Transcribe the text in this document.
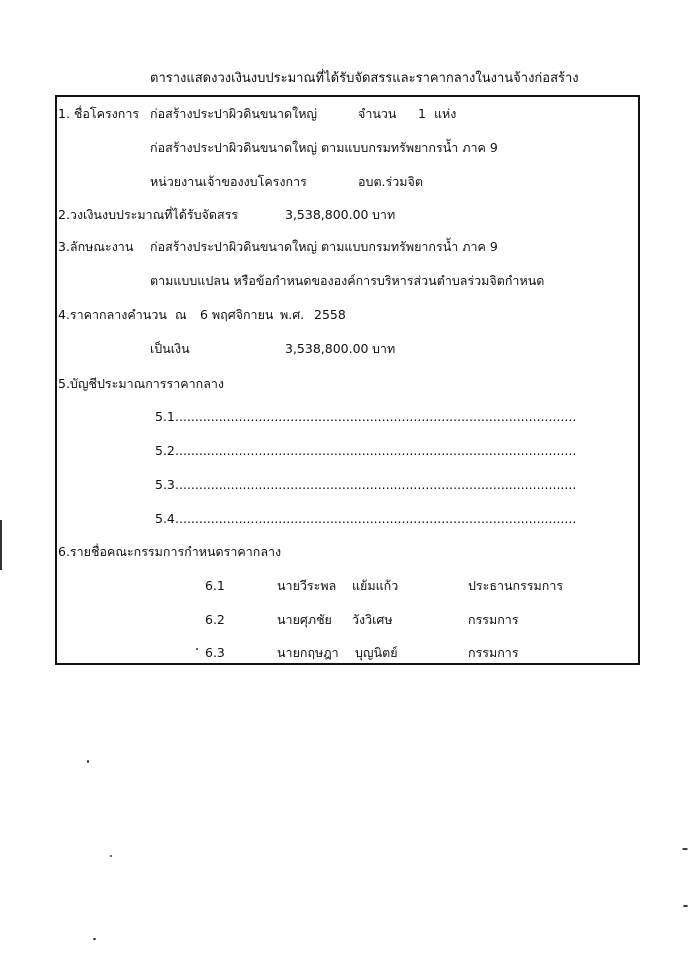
ตารางแสดงวงเงินงบประมาณที่ได้รับจัดสรรและราคากลางในงานจ้างก่อสร้าง
1. ชื่อโครงการ ก่อสร้างประปาผิวดินขนาดใหญ่	จำนวน 1 แห่ง
ก่อสร้างประปาผิวดินขนาดใหญ่ ตามแบบกรมทรัพยากรน้ำ ภาค 9
หน่วยงานเจ้าของงบโครงการ	อบต.ร่วมจิต
2.วงเงินงบประมาณที่ได้รับจัดสรร	3,538,800.00 บาท
3.ลักษณะงาน ก่อสร้างประปาผิวดินขนาดใหญ่ ตามแบบกรมทรัพยากรน้ำ ภาค 9
ตามแบบแปลน หรือข้อกำหนดขององค์การบริหารส่วนตำบลร่วมจิตกำหนด
4.ราคากลางคำนวน ณ 6 พฤศจิกายน พ.ศ. 2558
เป็นเงิน	3,538,800.00 บาท
5.บัญชีประมาณการราคากลาง
5.1 .....................................................................................................
5.2 .....................................................................................................
5.3 .....................................................................................................
5.4 .....................................................................................................
6.รายชื่อคณะกรรมการกำหนดราคากลาง
6.1	นายวีระพล แย้มแก้ว	ประธานกรรมการ
6.2	นายศุภชัย วังวิเศษ	กรรมการ
6.3	นายกฤษฎา บุญนิตย์	กรรมการ
